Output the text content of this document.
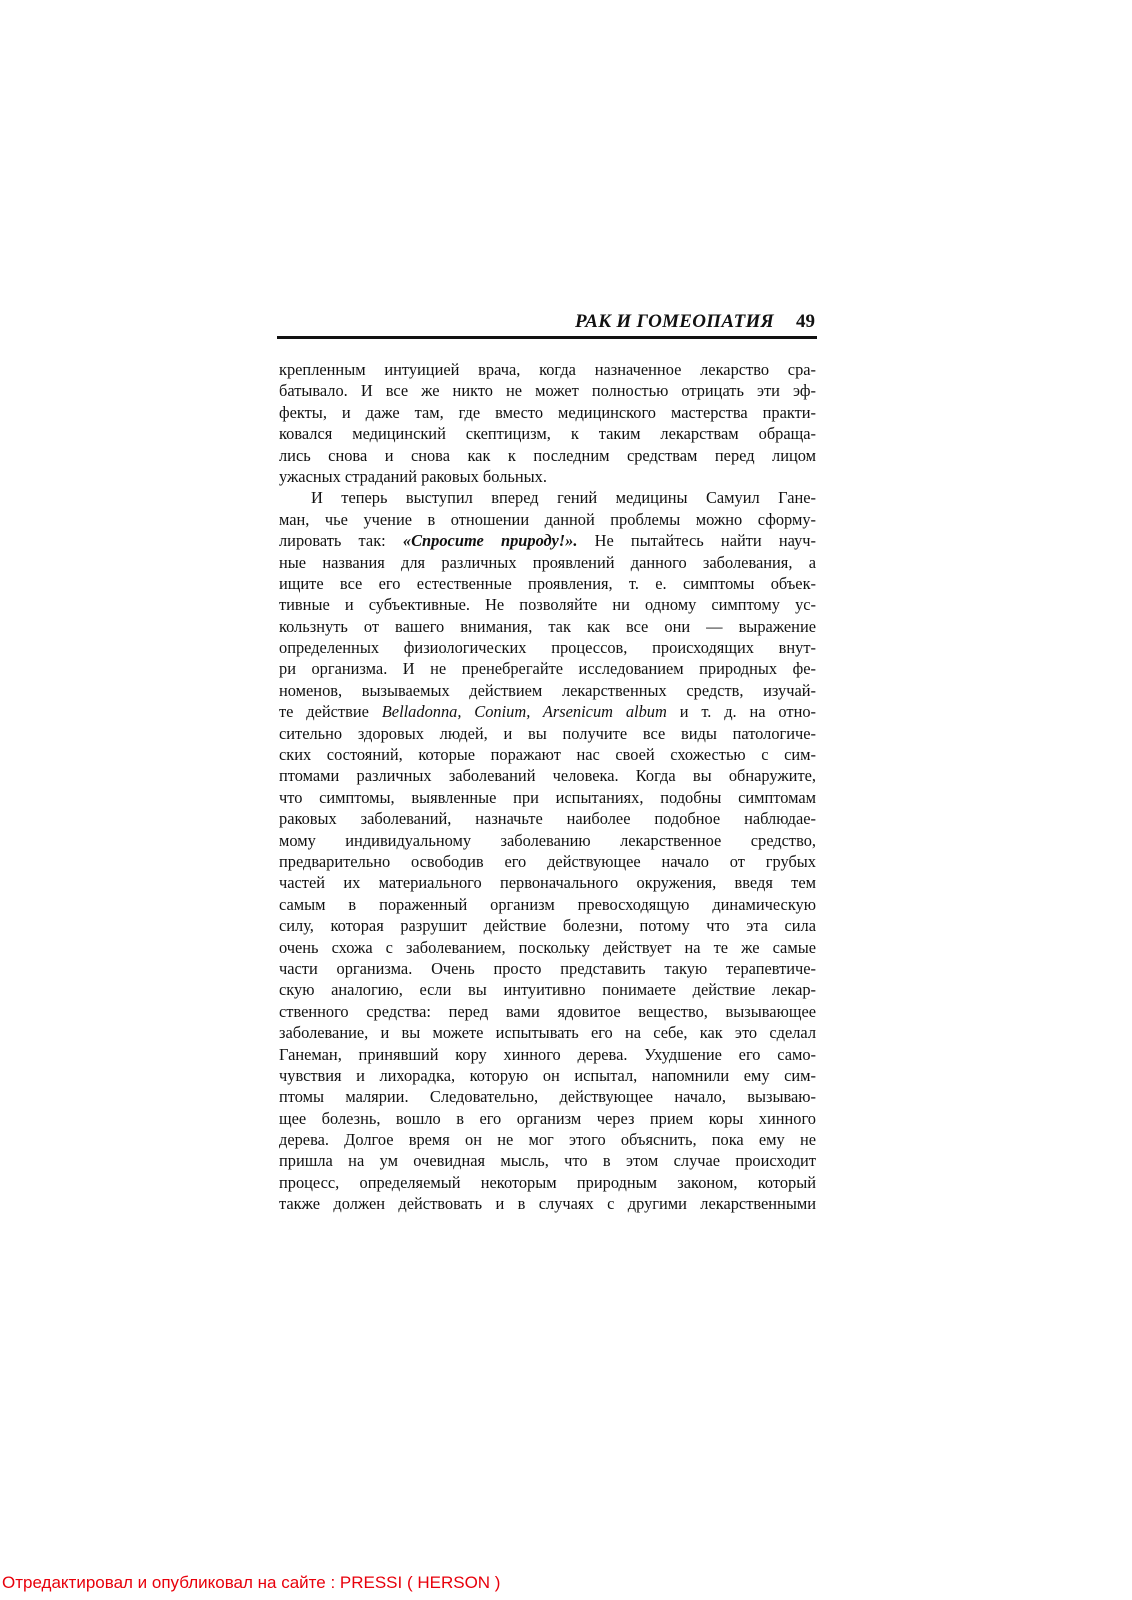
РАК И ГОМЕОПАТИЯ 49
крепленным интуицией врача, когда назначенное лекарство сра-
батывало. И все же никто не может полностью отрицать эти эф-
фекты, и даже там, где вместо медицинского мастерства практи-
ковался медицинский скептицизм, к таким лекарствам обраща-
лись снова и снова как к последним средствам перед лицом
ужасных страданий раковых больных.
И теперь выступил вперед гений медицины Самуил Гане-
ман, чье учение в отношении данной проблемы можно сформу-
лировать так: «Спросите природу!». Не пытайтесь найти науч-
ные названия для различных проявлений данного заболевания, а
ищите все его естественные проявления, т. е. симптомы объек-
тивные и субъективные. Не позволяйте ни одному симптому ус-
кользнуть от вашего внимания, так как все они — выражение
определенных физиологических процессов, происходящих внут-
ри организма. И не пренебрегайте исследованием природных фе-
номенов, вызываемых действием лекарственных средств, изучай-
те действие Belladonna, Conium, Arsenicum album и т. д. на отно-
сительно здоровых людей, и вы получите все виды патологиче-
ских состояний, которые поражают нас своей схожестью с сим-
птомами различных заболеваний человека. Когда вы обнаружите,
что симптомы, выявленные при испытаниях, подобны симптомам
раковых заболеваний, назначьте наиболее подобное наблюдае-
мому индивидуальному заболеванию лекарственное средство,
предварительно освободив его действующее начало от грубых
частей их материального первоначального окружения, введя тем
самым в пораженный организм превосходящую динамическую
силу, которая разрушит действие болезни, потому что эта сила
очень схожа с заболеванием, поскольку действует на те же самые
части организма. Очень просто представить такую терапевтиче-
скую аналогию, если вы интуитивно понимаете действие лекар-
ственного средства: перед вами ядовитое вещество, вызывающее
заболевание, и вы можете испытывать его на себе, как это сделал
Ганеман, принявший кору хинного дерева. Ухудшение его само-
чувствия и лихорадка, которую он испытал, напомнили ему сим-
птомы малярии. Следовательно, действующее начало, вызываю-
щее болезнь, вошло в его организм через прием коры хинного
дерева. Долгое время он не мог этого объяснить, пока ему не
пришла на ум очевидная мысль, что в этом случае происходит
процесс, определяемый некоторым природным законом, который
также должен действовать и в случаях с другими лекарственными
Отредактировал и опубликовал на сайте : PRESSI ( HERSON )
